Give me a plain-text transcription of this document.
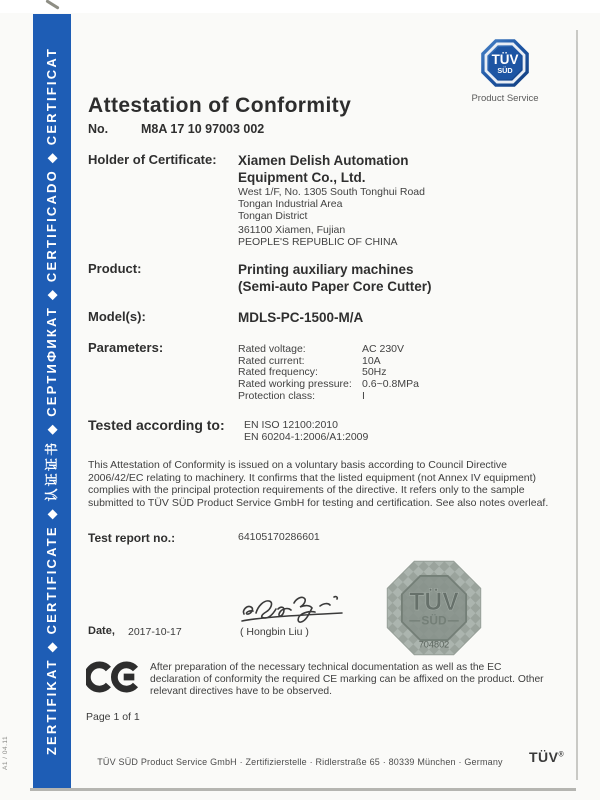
ZERTIFIKAT ◆ CERTIFICATE ◆ 认证证书 ◆ СЕРТИФИКАТ ◆ CERTIFICADO ◆ CERTIFICAT
A1 / 04.11
TÜV
SÜD
Product Service
Attestation of Conformity
No.	M8A 17 10 97003 002
Holder of Certificate: Xiamen Delish Automation
Equipment Co., Ltd.
West 1/F, No. 1305 South Tonghui Road
Tongan Industrial Area
Tongan District
361100 Xiamen, Fujian
PEOPLE'S REPUBLIC OF CHINA
Product:	Printing auxiliary machines
(Semi-auto Paper Core Cutter)
Model(s):	MDLS-PC-1500-M/A
Parameters:	Rated voltage:	AC 230V
Rated current:	10A
Rated frequency:	50Hz
Rated working pressure: 0.6~0.8MPa
Protection class:	I
Tested according to: EN ISO 12100:2010
EN 60204-1:2006/A1:2009
This Attestation of Conformity is issued on a voluntary basis according to Council Directive 2006/42/EC relating to machinery. It confirms that the listed equipment (not Annex IV equipment) complies with the principal protection requirements of the directive. It refers only to the sample submitted to TÜV SÜD Product Service GmbH for testing and certification. See also notes overleaf.
Test report no.:	64105170286601
( Hongbin Liu )
Date, 2017-10-17
TÜV
SÜD
704802
After preparation of the necessary technical documentation as well as the EC declaration of conformity the required CE marking can be affixed on the product. Other relevant directives have to be observed.
Page 1 of 1
TÜV SÜD Product Service GmbH · Zertifizierstelle · Ridlerstraße 65 · 80339 München · Germany	TÜV®
